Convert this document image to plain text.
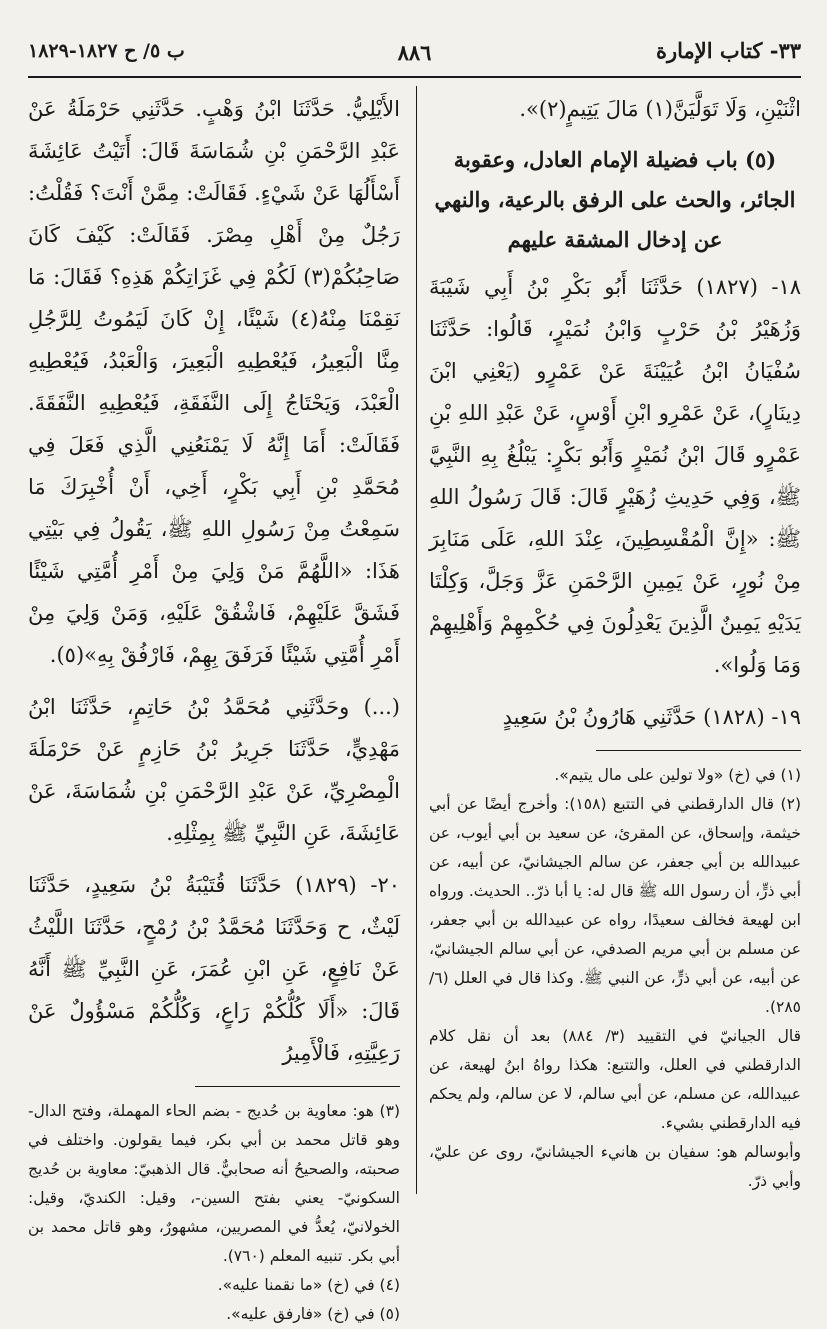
٣٣- كتاب الإمارة
٨٨٦
ب ٥/ ح ١٨٢٧-١٨٢٩

اثْنَيْنِ، وَلَا تَوَلَّيَنَّ(١) مَالَ يَتِيمٍ(٢)».

(٥) باب فضيلة الإمام العادل، وعقوبة الجائر، والحث على الرفق بالرعية، والنهي عن إدخال المشقة عليهم

١٨- (١٨٢٧) حَدَّثَنَا أَبُو بَكْرِ بْنُ أَبِي شَيْبَةَ وَزُهَيْرُ بْنُ حَرْبٍ وَابْنُ نُمَيْرٍ، قَالُوا: حَدَّثَنَا سُفْيَانُ ابْنُ عُيَيْنَةَ عَنْ عَمْرٍو (يَعْنِي ابْنَ دِينَارٍ)، عَنْ عَمْرِو ابْنِ أَوْسٍ، عَنْ عَبْدِ اللهِ بْنِ عَمْرٍو قَالَ ابْنُ نُمَيْرٍ وَأَبُو بَكْرٍ: يَبْلُغُ بِهِ النَّبِيَّ ﷺ، وَفِي حَدِيثِ زُهَيْرٍ قَالَ: قَالَ رَسُولُ اللهِ ﷺ: «إِنَّ الْمُقْسِطِينَ، عِنْدَ اللهِ، عَلَى مَنَابِرَ مِنْ نُورٍ، عَنْ يَمِينِ الرَّحْمَنِ عَزَّ وَجَلَّ، وَكِلْتَا يَدَيْهِ يَمِينٌ الَّذِينَ يَعْدِلُونَ فِي حُكْمِهِمْ وَأَهْلِيهِمْ وَمَا وَلُوا».

١٩- (١٨٢٨) حَدَّثَنِي هَارُونُ بْنُ سَعِيدٍ

(١) في (خ) «ولا تولين على مال يتيم».

(٢) قال الدارقطني في التتبع (١٥٨): وأخرج أيضًا عن أبي خيثمة، وإسحاق، عن المقرئ، عن سعيد بن أبي أيوب، عن عبيدالله بن أبي جعفر، عن سالم الجيشانيّ، عن أبيه، عن أبي ذرٍّ، أن رسول الله ﷺ قال له: يا أبا ذرّ.. الحديث. ورواه ابن لهيعة فخالف سعيدًا، رواه عن عبيدالله بن أبي جعفر، عن مسلم بن أبي مريم الصدفي، عن أبي سالم الجيشانيّ، عن أبيه، عن أبي ذرٍّ، عن النبي ﷺ. وكذا قال في العلل (٦/ ٢٨٥).

قال الجيانيّ في التقييد (٣/ ٨٨٤) بعد أن نقل كلام الدارقطني في العلل، والتتبع: هكذا رواهُ ابنُ لهيعة، عن عبيدالله، عن مسلم، عن أبي سالم، لا عن سالم، ولم يحكم فيه الدارقطني بشيء.

وأبوسالم هو: سفيان بن هانيء الجيشانيّ، روى عن عليّ، وأبي ذرّ.

الأَيْلِيُّ. حَدَّثَنَا ابْنُ وَهْبٍ. حَدَّثَنِي حَرْمَلَةُ عَنْ عَبْدِ الرَّحْمَنِ بْنِ شُمَاسَةَ قَالَ: أَتَيْتُ عَائِشَةَ أَسْأَلُهَا عَنْ شَيْءٍ. فَقَالَتْ: مِمَّنْ أَنْتَ؟ فَقُلْتُ: رَجُلٌ مِنْ أَهْلِ مِصْرَ. فَقَالَتْ: كَيْفَ كَانَ صَاحِبُكُمْ(٣) لَكُمْ فِي غَزَاتِكُمْ هَذِهِ؟ فَقَالَ: مَا نَقِمْنَا مِنْهُ(٤) شَيْئًا، إِنْ كَانَ لَيَمُوتُ لِلرَّجُلِ مِنَّا الْبَعِيرُ، فَيُعْطِيهِ الْبَعِيرَ، وَالْعَبْدُ، فَيُعْطِيهِ الْعَبْدَ، وَيَحْتَاجُ إِلَى النَّفَقَةِ، فَيُعْطِيهِ النَّفَقَةَ. فَقَالَتْ: أَمَا إِنَّهُ لَا يَمْنَعُنِي الَّذِي فَعَلَ فِي مُحَمَّدِ بْنِ أَبِي بَكْرٍ، أَخِي، أَنْ أُخْبِرَكَ مَا سَمِعْتُ مِنْ رَسُولِ اللهِ ﷺ، يَقُولُ فِي بَيْتِي هَذَا: «اللَّهُمَّ مَنْ وَلِيَ مِنْ أَمْرِ أُمَّتِي شَيْئًا فَشَقَّ عَلَيْهِمْ، فَاشْقُقْ عَلَيْهِ، وَمَنْ وَلِيَ مِنْ أَمْرِ أُمَّتِي شَيْئًا فَرَفَقَ بِهِمْ، فَارْفُقْ بِهِ»(٥).

(...) وحَدَّثَنِي مُحَمَّدُ بْنُ حَاتِمٍ، حَدَّثَنَا ابْنُ مَهْدِيٍّ، حَدَّثَنَا جَرِيرُ بْنُ حَازِمٍ عَنْ حَرْمَلَةَ الْمِصْرِيِّ، عَنْ عَبْدِ الرَّحْمَنِ بْنِ شُمَاسَةَ، عَنْ عَائِشَةَ، عَنِ النَّبِيِّ ﷺ بِمِثْلِهِ.

٢٠- (١٨٢٩) حَدَّثَنَا قُتَيْبَةُ بْنُ سَعِيدٍ، حَدَّثَنَا لَيْثٌ، ح وَحَدَّثَنَا مُحَمَّدُ بْنُ رُمْحٍ، حَدَّثَنَا اللَّيْثُ عَنْ نَافِعٍ، عَنِ ابْنِ عُمَرَ، عَنِ النَّبِيِّ ﷺ أَنَّهُ قَالَ: «أَلَا كُلُّكُمْ رَاعٍ، وَكُلُّكُمْ مَسْؤُولٌ عَنْ رَعِيَّتِهِ، فَالْأَمِيرُ

(٣) هو: معاوية بن حُديج - بضم الحاء المهملة، وفتح الدال- وهو قاتل محمد بن أبي بكر، فيما يقولون. واختلف في صحبته، والصحيحُ أنه صحابيٌّ. قال الذهبيّ: معاوية بن حُديج السكونيّ- يعني بفتح السين-، وقيل: الكنديّ، وقيل: الخولانيّ، يُعدُّ في المصريين، مشهورٌ، وهو قاتل محمد بن أبي بكر. تنبيه المعلم (٧٦٠).

(٤) في (خ) «ما نقمنا عليه».

(٥) في (خ) «فارفق عليه».
